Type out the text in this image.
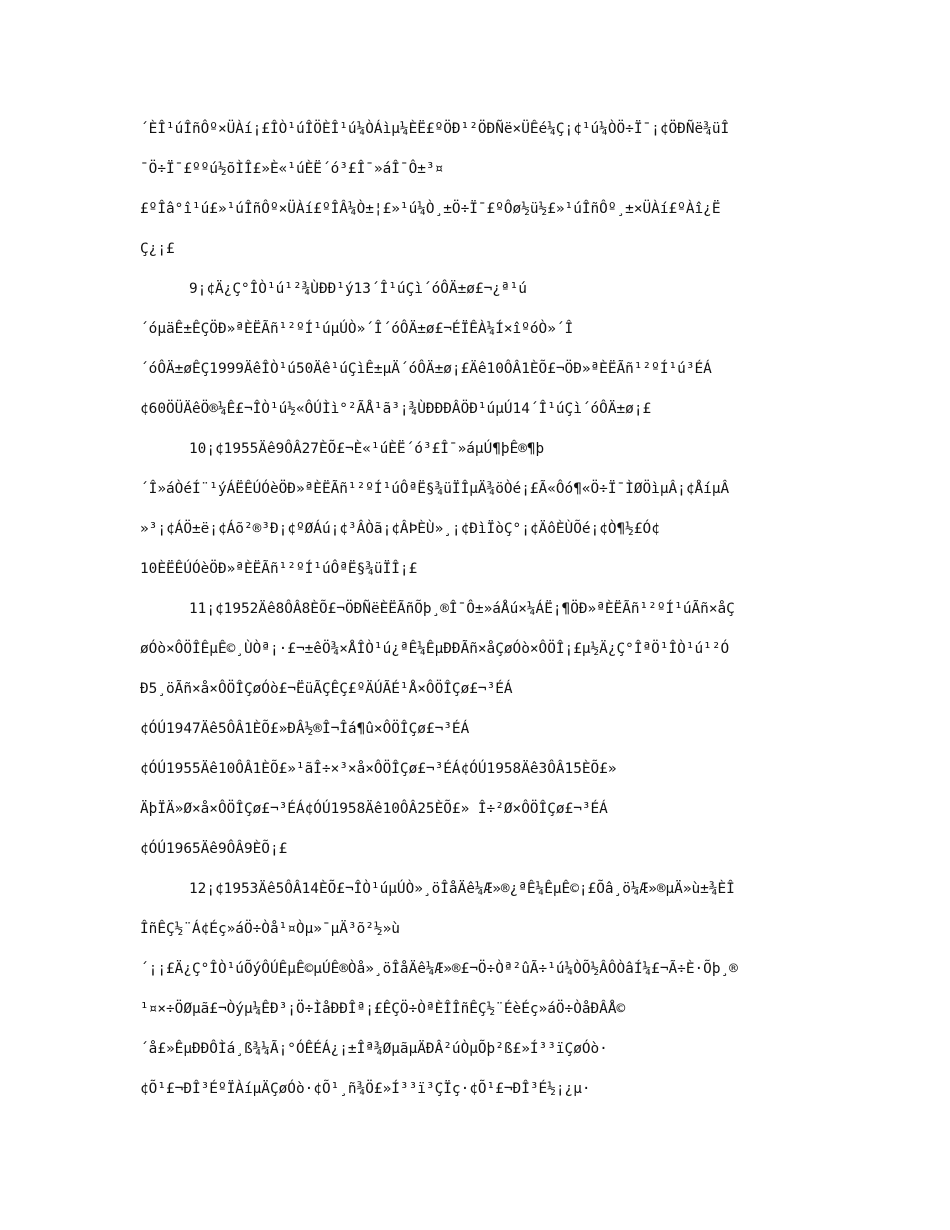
´ÈÎ¹úÎñÔº×ÜÀí¡£ÎÒ¹úÎÖÈÎ¹ú¼ÒÁìµ¼ÈË£ºÖÐ¹²ÖÐÑë×ÜÊé¼Ç¡¢¹ú¼ÒÖ÷Ï¯¡¢ÖÐÑë¾üÎ
¯Ö÷Ï¯£ººú½õÌÎ£»È«¹úÈË´ó³£Î¯»áÎ¯Ô±³¤
£ºÎâ°î¹ú£»¹úÎñÔº×ÜÀí£ºÎÂ¼Ò±¦£»¹ú¼Ò¸±Ö÷Ï¯£ºÔø½ü½£»¹úÎñÔº¸±×ÜÀí£ºÀî¿Ë
Ç¿¡£
9¡¢Ä¿Ç°ÎÒ¹ú¹²¾ÙÐÐ¹ý13´Î¹úÇì´óÔÄ±ø£¬¿ª¹ú
´óµäÊ±ÊÇÖÐ»ªÈËÃñ¹²ºÍ¹úµÚÒ»´Î´óÔÄ±ø£¬ÉÏÊÀ¼Í×îºóÒ»´Î
´óÔÄ±øÊÇ1999ÄêÎÒ¹ú50Äê¹úÇìÊ±µÄ´óÔÄ±ø¡£Äê10ÔÂ1ÈÕ£¬ÖÐ»ªÈËÃñ¹²ºÍ¹ú³ÉÁ
¢60ÖÜÄêÖ®¼Ê£¬ÎÒ¹ú½«ÔÚÌì°²ÃÅ¹ã³¡¾ÙÐÐÐÂÖÐ¹úµÚ14´Î¹úÇì´óÔÄ±ø¡£
10¡¢1955Äê9ÔÂ27ÈÕ£¬È«¹úÈË´ó³£Î¯»áµÚ¶þÊ®¶þ
´Î»áÒéÍ¨¹ýÁËÊÚÓèÖÐ»ªÈËÃñ¹²ºÍ¹úÔªË§¾üÏÎµÄ¾öÒé¡£Ã«Ôó¶«Ö÷Ï¯ÌØÖìµÂ¡¢ÅíµÂ
»³¡¢ÁÖ±ë¡¢Áõ²®³Ð¡¢ºØÁú¡¢³ÂÒã¡¢ÂÞÈÙ»¸¡¢ÐìÏòÇ°¡¢ÄôÈÙÕé¡¢Ò¶½£Ó¢
10ÈËÊÚÓèÖÐ»ªÈËÃñ¹²ºÍ¹úÔªË§¾üÏÎ¡£
11¡¢1952Äê8ÔÂ8ÈÕ£¬ÖÐÑëÈËÃñÕþ¸®Î¯Ô±»áÅú×¼ÁË¡¶ÖÐ»ªÈËÃñ¹²ºÍ¹úÃñ×åÇ
øÓò×ÔÖÎÊµÊ©¸ÙÒª¡·£¬±êÖ¾×ÅÎÒ¹ú¿ªÊ¼ÊµÐÐÃñ×åÇøÓò×ÔÖÎ¡£µ½Ä¿Ç°ÎªÖ¹ÎÒ¹ú¹²Ó
Ð5¸öÃñ×å×ÔÖÎÇøÓò£¬ËüÃÇÊÇ£ºÄÚÃÉ¹Å×ÔÖÎÇø£¬³ÉÁ
¢ÓÚ1947Äê5ÔÂ1ÈÕ£»ÐÂ½®Î¬Îá¶û×ÔÖÎÇø£¬³ÉÁ
¢ÓÚ1955Äê10ÔÂ1ÈÕ£»¹ãÎ÷×³×å×ÔÖÎÇø£¬³ÉÁ¢ÓÚ1958Äê3ÔÂ15ÈÕ£»
ÄþÏÄ»Ø×å×ÔÖÎÇø£¬³ÉÁ¢ÓÚ1958Äê10ÔÂ25ÈÕ£» Î÷²Ø×ÔÖÎÇø£¬³ÉÁ
¢ÓÚ1965Äê9ÔÂ9ÈÕ¡£
12¡¢1953Äê5ÔÂ14ÈÕ£¬ÎÒ¹úµÚÒ»¸öÎåÄê¼Æ»®¿ªÊ¼ÊµÊ©¡£Õâ¸ö¼Æ»®µÄ»ù±¾ÈÎ
ÎñÊÇ½¨Á¢Éç»áÖ÷Òå¹¤Òµ»¯µÄ³õ²½»ù
´¡¡£Ä¿Ç°ÎÒ¹úÕýÔÚÊµÊ©µÚÊ®Òå»¸öÎåÄê¼Æ»®£¬Ö÷Òª²ûÃ÷¹ú¼ÒÕ½ÂÔÒâÍ¼£¬Ã÷È·Õþ¸®
¹¤×÷ÖØµã£¬Òýµ¼ÊÐ³¡Ö÷ÌåÐÐÎª¡£ÊÇÖ÷ÒªÈÎÎñÊÇ½¨ÉèÉç»áÖ÷ÒåÐÂÅ©
´å£»ÊµÐÐÔÌá¸ß¾¼Ã¡°ÓÊÉÁ¿¡±Îª¾ØµãµÄÐÂ²úÒµÕþ²ß£»Í³³ïÇøÓò·
¢Õ¹£¬ÐÎ³ÉºÏÀíµÄÇøÓò·¢Õ¹¸ñ¾Ö£»Í³³ï³ÇÏç·¢Õ¹£¬ÐÎ³É½¡¿µ·
